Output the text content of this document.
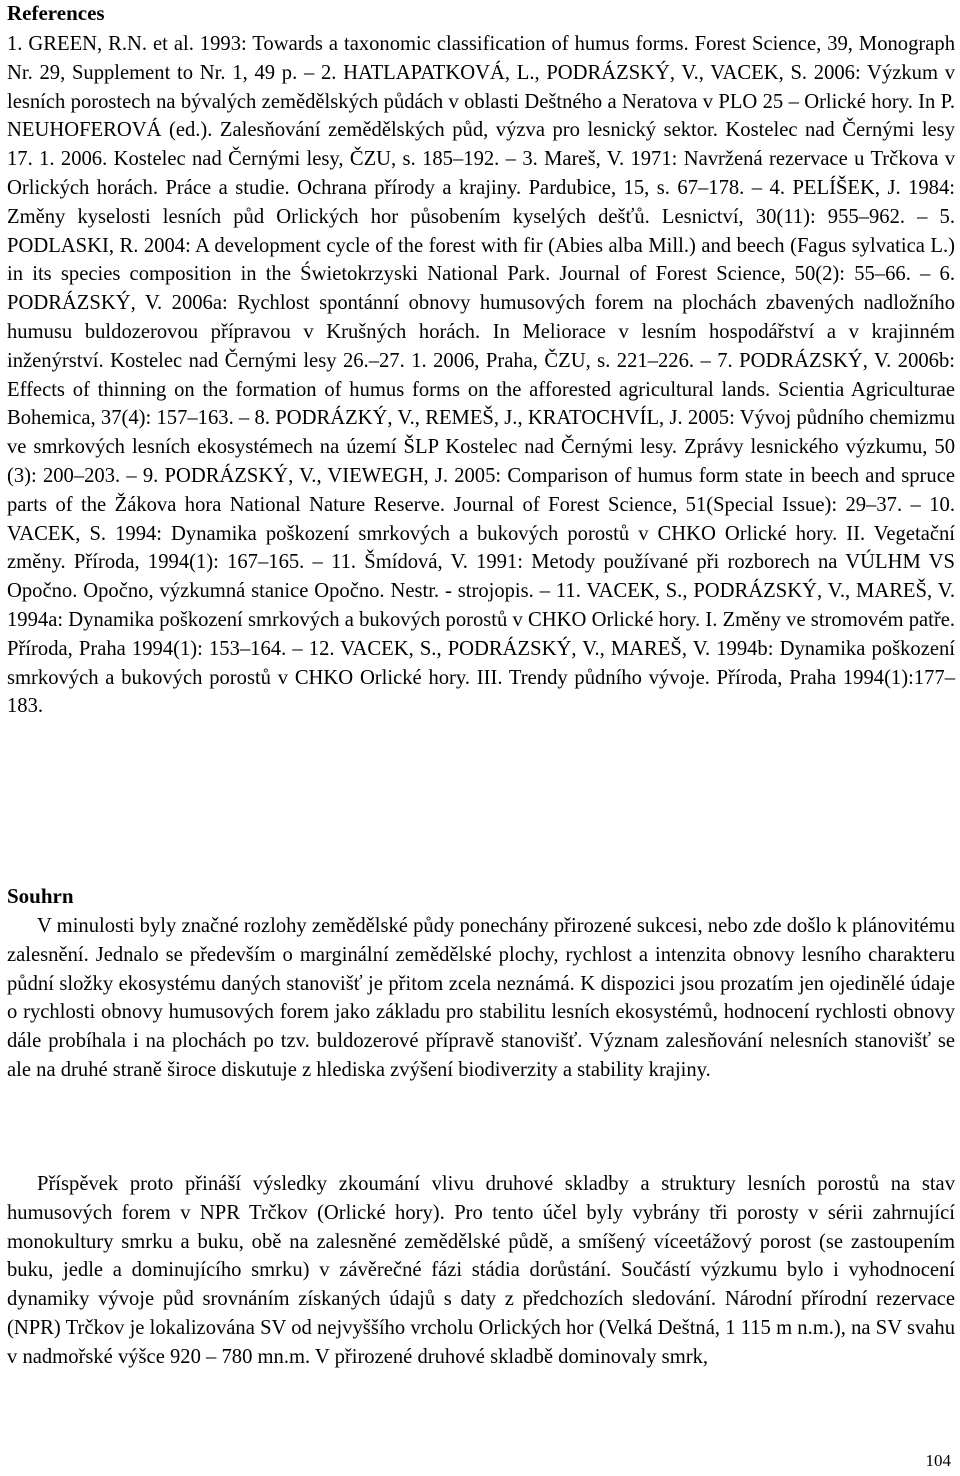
References

1. GREEN, R.N. et al. 1993: Towards a taxonomic classification of humus forms. Forest Science, 39, Monograph Nr. 29, Supplement to Nr. 1, 49 p. – 2. HATLAPATKOVÁ, L., PODRÁZSKÝ, V., VACEK, S. 2006: Výzkum v lesních porostech na bývalých zemědělských půdách v oblasti Deštného a Neratova v PLO 25 – Orlické hory. In P. NEUHOFEROVÁ (ed.). Zalesňování zemědělských půd, výzva pro lesnický sektor. Kostelec nad Černými lesy 17. 1. 2006. Kostelec nad Černými lesy, ČZU, s. 185–192. – 3. Mareš, V. 1971: Navržená rezervace u Trčkova v Orlických horách. Práce a studie. Ochrana přírody a krajiny. Pardubice, 15, s. 67–178. – 4. PELÍŠEK, J. 1984: Změny kyselosti lesních půd Orlických hor působením kyselých dešťů. Lesnictví, 30(11): 955–962. – 5. PODLASKI, R. 2004: A development cycle of the forest with fir (Abies alba Mill.) and beech (Fagus sylvatica L.) in its species composition in the Świetokrzyski National Park. Journal of Forest Science, 50(2): 55–66. – 6. PODRÁZSKÝ, V. 2006a: Rychlost spontánní obnovy humusových forem na plochách zbavených nadložního humusu buldozerovou přípravou v Krušných horách. In Meliorace v lesním hospodářství a v krajinném inženýrství. Kostelec nad Černými lesy 26.–27. 1. 2006, Praha, ČZU, s. 221–226. – 7. PODRÁZSKÝ, V. 2006b: Effects of thinning on the formation of humus forms on the afforested agricultural lands. Scientia Agriculturae Bohemica, 37(4): 157–163. – 8. PODRÁZKÝ, V., REMEŠ, J., KRATOCHVÍL, J. 2005: Vývoj půdního chemizmu ve smrkových lesních ekosystémech na území ŠLP Kostelec nad Černými lesy. Zprávy lesnického výzkumu, 50 (3): 200–203. – 9. PODRÁZSKÝ, V., VIEWEGH, J. 2005: Comparison of humus form state in beech and spruce parts of the Žákova hora National Nature Reserve. Journal of Forest Science, 51(Special Issue): 29–37. – 10. VACEK, S. 1994: Dynamika poškození smrkových a bukových porostů v CHKO Orlické hory. II. Vegetační změny. Příroda, 1994(1): 167–165. – 11. Šmídová, V. 1991: Metody používané při rozborech na VÚLHM VS Opočno. Opočno, výzkumná stanice Opočno. Nestr. - strojopis. – 11. VACEK, S., PODRÁZSKÝ, V., MAREŠ, V. 1994a: Dynamika poškození smrkových a bukových porostů v CHKO Orlické hory. I. Změny ve stromovém patře. Příroda, Praha 1994(1): 153–164. – 12. VACEK, S., PODRÁZSKÝ, V., MAREŠ, V. 1994b: Dynamika poškození smrkových a bukových porostů v CHKO Orlické hory. III. Trendy půdního vývoje. Příroda, Praha 1994(1):177–183.

Souhrn

V minulosti byly značné rozlohy zemědělské půdy ponechány přirozené sukcesi, nebo zde došlo k plánovitému zalesnění. Jednalo se především o marginální zemědělské plochy, rychlost a intenzita obnovy lesního charakteru půdní složky ekosystému daných stanovišť je přitom zcela neznámá. K dispozici jsou prozatím jen ojedinělé údaje o rychlosti obnovy humusových forem jako základu pro stabilitu lesních ekosystémů, hodnocení rychlosti obnovy dále probíhala i na plochách po tzv. buldozerové přípravě stanovišť. Význam zalesňování nelesních stanovišť se ale na druhé straně široce diskutuje z hlediska zvýšení biodiverzity a stability krajiny.

Příspěvek proto přináší výsledky zkoumání vlivu druhové skladby a struktury lesních porostů na stav humusových forem v NPR Trčkov (Orlické hory). Pro tento účel byly vybrány tři porosty v sérii zahrnující monokultury smrku a buku, obě na zalesněné zemědělské půdě, a smíšený víceetážový porost (se zastoupením buku, jedle a dominujícího smrku) v závěrečné fázi stádia dorůstání. Součástí výzkumu bylo i vyhodnocení dynamiky vývoje půd srovnáním získaných údajů s daty z předchozích sledování. Národní přírodní rezervace (NPR) Trčkov je lokalizována SV od nejvyššího vrcholu Orlických hor (Velká Deštná, 1 115 m n.m.), na SV svahu v nadmořské výšce 920 – 780 mn.m. V přirozené druhové skladbě dominovaly smrk,

104
